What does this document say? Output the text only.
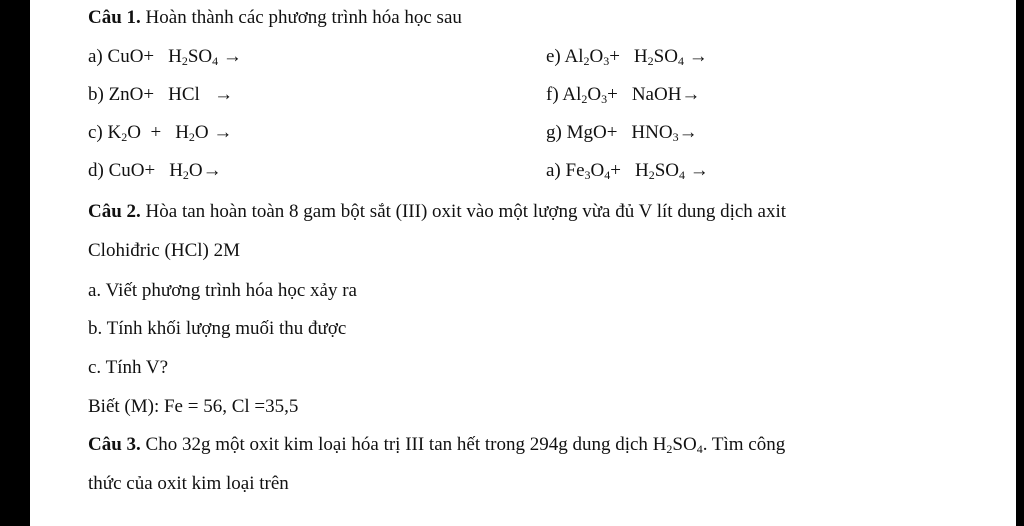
Câu 1. Hoàn thành các phương trình hóa học sau
a) $CuO+ H_2SO_4$ →
b) ZnO+ HCl   →
c) $K_2O + H_2O$ →
d) $CuO+ H_2O\to$
e) $Al_2O_3+ H_2SO_4$ →
f) $Al_2O_3+$ NaOH→
g) $MgO+ HNO_3\to$
a) $Fe_3O_4+ H_2SO_4$ →
Câu 2. Hòa tan hoàn toàn 8 gam bột sắt (III) oxit vào một lượng vừa đủ V lít dung dịch axit
Clohiđric (HCl) 2M
a. Viết phương trình hóa học xảy ra
b. Tính khối lượng muối thu được
c. Tính V?
Biết (M): Fe = 56, Cl =35,5
Câu 3. Cho 32g một oxit kim loại hóa trị III tan hết trong 294g dung dịch $H_2SO_4$. Tìm công
thức của oxit kim loại trên
